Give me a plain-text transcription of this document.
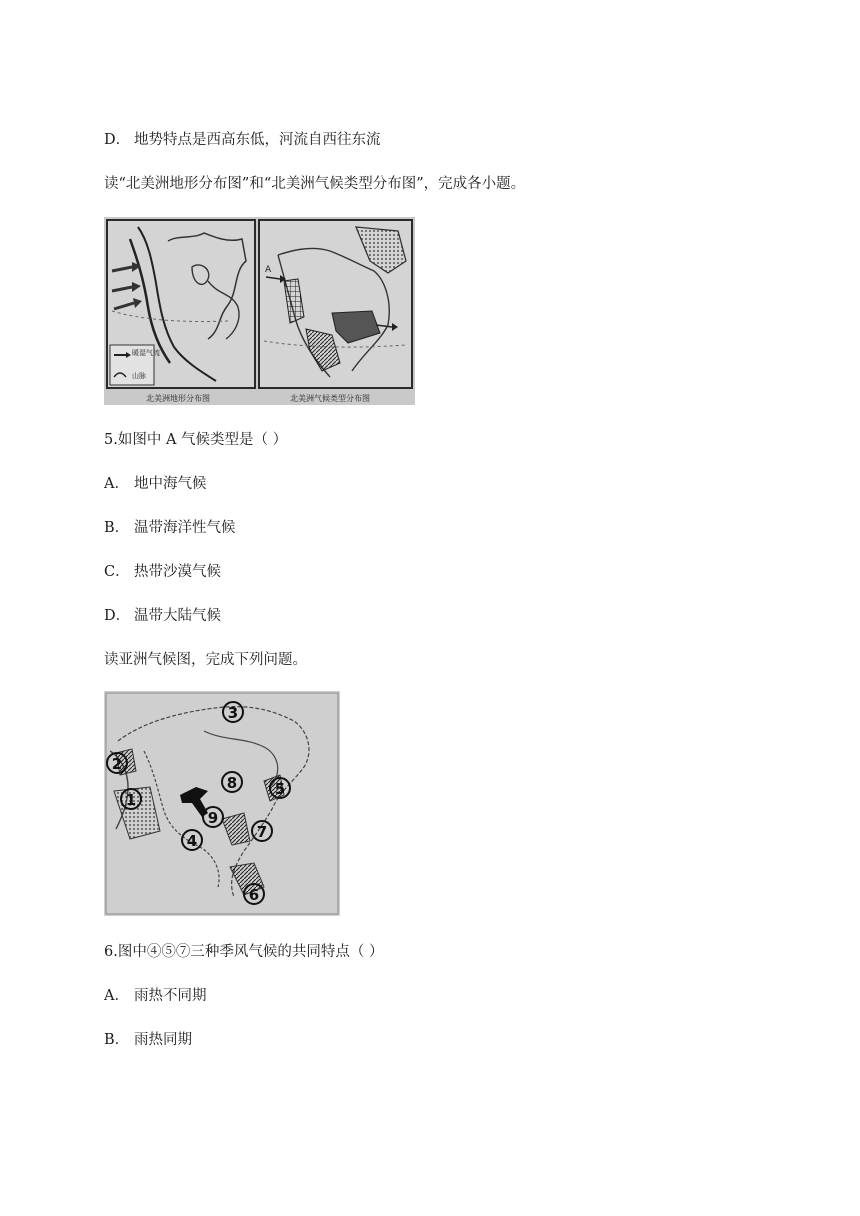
D． 地势特点是西高东低，河流自西往东流
读“北美洲地形分布图”和“北美洲气候类型分布图”，完成各小题。
暖湿气流
山脉
北美洲地形分布图
A
北美洲气候类型分布图
5.如图中 A 气候类型是（ ）
A． 地中海气候
B． 温带海洋性气候
C． 热带沙漠气候
D． 温带大陆气候
读亚洲气候图，完成下列问题。
1
2
3
4
5
6
7
8
9
6.图中④⑤⑦三种季风气候的共同特点（ ）
A． 雨热不同期
B． 雨热同期
